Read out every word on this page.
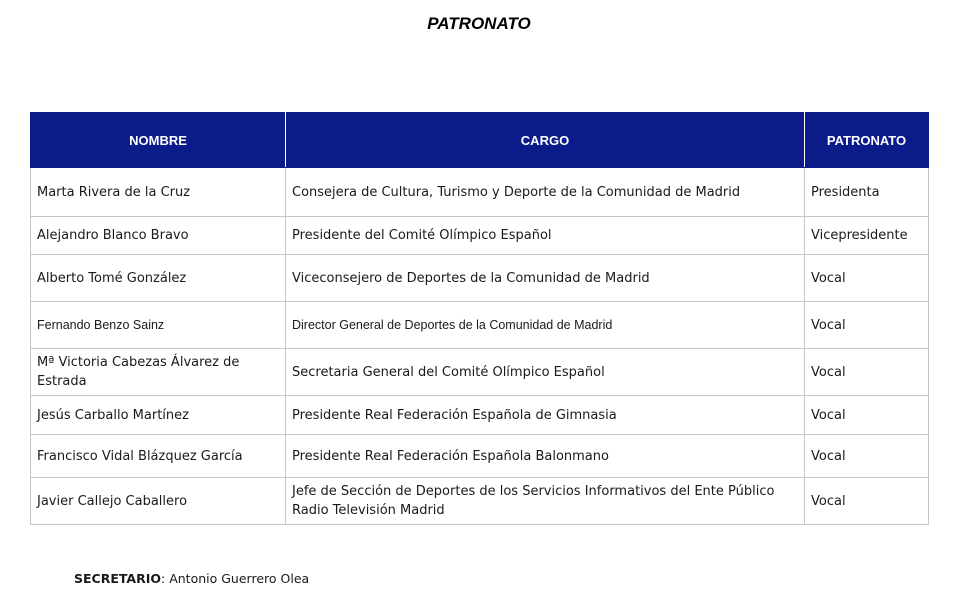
PATRONATO
NOMBRE	CARGO	PATRONATO
Marta Rivera de la Cruz	Consejera de Cultura, Turismo y Deporte de la Comunidad de Madrid	Presidenta
Alejandro Blanco Bravo	Presidente del Comité Olímpico Español	Vicepresidente
Alberto Tomé González	Viceconsejero de Deportes de la Comunidad de Madrid	Vocal
Fernando Benzo Sainz	Director General de Deportes de la Comunidad de Madrid	Vocal
Mª Victoria Cabezas Álvarez de Estrada	Secretaria General del Comité Olímpico Español	Vocal
Jesús Carballo Martínez	Presidente Real Federación Española de Gimnasia	Vocal
Francisco Vidal Blázquez García	Presidente Real Federación Española Balonmano	Vocal
Javier Callejo Caballero	Jefe de Sección de Deportes de los Servicios Informativos del Ente Público Radio Televisión Madrid	Vocal
SECRETARIO: Antonio Guerrero Olea
